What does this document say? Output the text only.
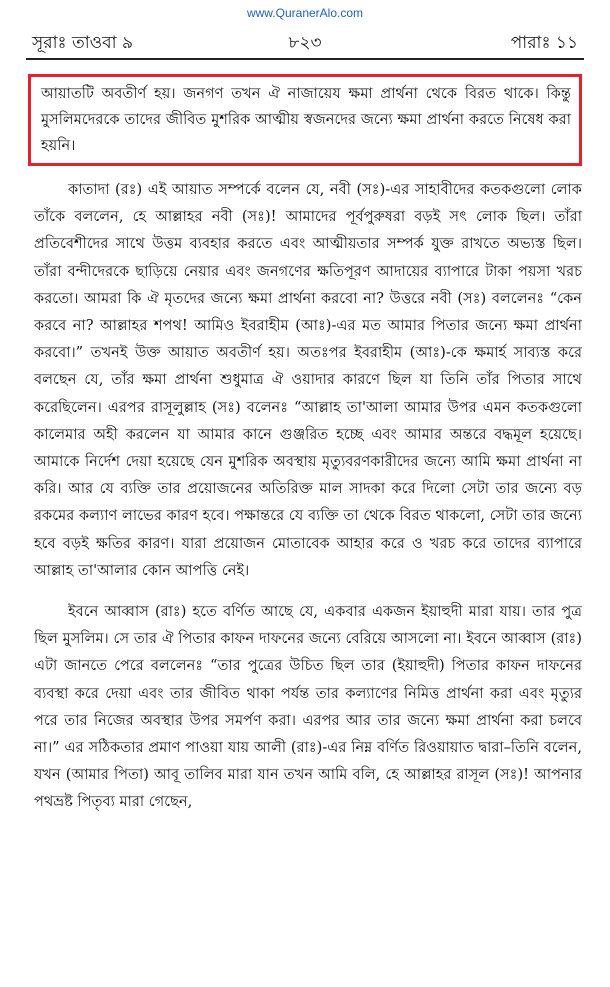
www.QuranerAlo.com
সূরাঃ তাওবা ৯	৮২৩	পারাঃ ১১
আয়াতটি অবতীর্ণ হয়। জনগণ তখন ঐ নাজায়েয ক্ষমা প্রার্থনা থেকে বিরত থাকে। কিন্তু মুসলিমদেরকে তাদের জীবিত মুশরিক আত্মীয় স্বজনদের জন্যে ক্ষমা প্রার্থনা করতে নিষেধ করা হয়নি।

কাতাদা (রঃ) এই আয়াত সম্পর্কে বলেন যে, নবী (সঃ)-এর সাহাবীদের কতকগুলো লোক তাঁকে বললেন, হে আল্লাহর নবী (সঃ)! আমাদের পূর্বপুরুষরা বড়ই সৎ লোক ছিল। তাঁরা প্রতিবেশীদের সাথে উত্তম ব্যবহার করতে এবং আত্মীয়তার সম্পর্ক যুক্ত রাখতে অভ্যস্ত ছিল। তাঁরা বন্দীদেরকে ছাড়িয়ে নেয়ার এবং জনগণের ক্ষতিপূরণ আদায়ের ব্যাপারে টাকা পয়সা খরচ করতো। আমরা কি ঐ মৃতদের জন্যে ক্ষমা প্রার্থনা করবো না? উত্তরে নবী (সঃ) বললেনঃ “কেন করবে না? আল্লাহর শপথ! আমিও ইবরাহীম (আঃ)-এর মত আমার পিতার জন্যে ক্ষমা প্রার্থনা করবো।” তখনই উক্ত আয়াত অবতীর্ণ হয়। অতঃপর ইবরাহীম (আঃ)-কে ক্ষমার্হ সাব্যস্ত করে বলছেন যে, তাঁর ক্ষমা প্রার্থনা শুধুমাত্র ঐ ওয়াদার কারণে ছিল যা তিনি তাঁর পিতার সাথে করেছিলেন। এরপর রাসূলুল্লাহ (সঃ) বলেনঃ “আল্লাহ তা'আলা আমার উপর এমন কতকগুলো কালেমার অহী করলেন যা আমার কানে গুঞ্জরিত হচ্ছে এবং আমার অন্তরে বদ্ধমূল হয়েছে। আমাকে নির্দেশ দেয়া হয়েছে যেন মুশরিক অবস্থায় মৃত্যুবরণকারীদের জন্যে আমি ক্ষমা প্রার্থনা না করি। আর যে ব্যক্তি তার প্রয়োজনের অতিরিক্ত মাল সাদকা করে দিলো সেটা তার জন্যে বড় রকমের কল্যাণ লাভের কারণ হবে। পক্ষান্তরে যে ব্যক্তি তা থেকে বিরত থাকলো, সেটা তার জন্যে হবে বড়ই ক্ষতির কারণ। যারা প্রয়োজন মোতাবেক আহার করে ও খরচ করে তাদের ব্যাপারে আল্লাহ তা'আলার কোন আপত্তি নেই।

ইবনে আব্বাস (রাঃ) হতে বর্ণিত আছে যে, একবার একজন ইয়াহুদী মারা যায়। তার পুত্র ছিল মুসলিম। সে তার ঐ পিতার কাফন দাফনের জন্যে বেরিয়ে আসলো না। ইবনে আব্বাস (রাঃ) এটা জানতে পেরে বললেনঃ “তার পুত্রের উচিত ছিল তার (ইয়াহুদী) পিতার কাফন দাফনের ব্যবস্থা করে দেয়া এবং তার জীবিত থাকা পর্যন্ত তার কল্যাণের নিমিত্ত প্রার্থনা করা এবং মৃত্যুর পরে তার নিজের অবস্থার উপর সমর্পণ করা। এরপর আর তার জন্যে ক্ষমা প্রার্থনা করা চলবে না।” এর সঠিকতার প্রমাণ পাওয়া যায় আলী (রাঃ)-এর নিম্ন বর্ণিত রিওয়ায়াত দ্বারা–তিনি বলেন, যখন (আমার পিতা) আবূ তালিব মারা যান তখন আমি বলি, হে আল্লাহর রাসূল (সঃ)! আপনার পথভ্রষ্ট পিতৃব্য মারা গেছেন,
